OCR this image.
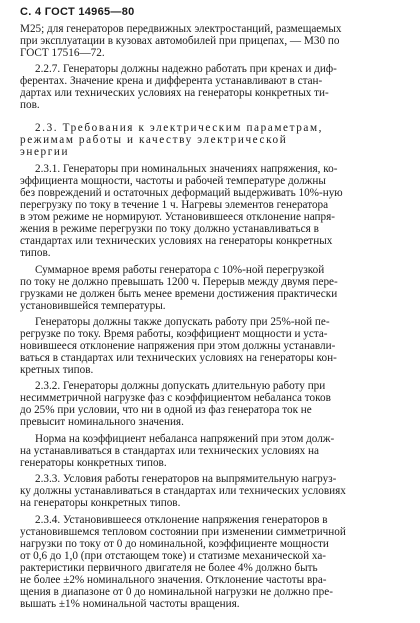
С. 4 ГОСТ 14965—80
М25; для генераторов передвижных электростанций, размещаемых
при эксплуатации в кузовах автомобилей при прицепах, — М30 по
ГОСТ 17516—72.
2.2.7. Генераторы должны надежно работать при кренах и диф-
ферентах. Значение крена и дифферента устанавливают в стан-
дартах или технических условиях на генераторы конкретных ти-
пов.
2.3. Требования к электрическим параметрам,
режимам работы и качеству электрической
энергии
2.3.1. Генераторы при номинальных значениях напряжения, ко-
эффициента мощности, частоты и рабочей температуре должны
без повреждений и остаточных деформаций выдерживать 10%-ную
перегрузку по току в течение 1 ч. Нагревы элементов генератора
в этом режиме не нормируют. Установившееся отклонение напря-
жения в режиме перегрузки по току должно устанавливаться в
стандартах или технических условиях на генераторы конкретных
типов.
Суммарное время работы генератора с 10%-ной перегрузкой
по току не должно превышать 1200 ч. Перерыв между двумя пере-
грузками не должен быть менее времени достижения практически
установившейся температуры.
Генераторы должны также допускать работу при 25%-ной пе-
регрузке по току. Время работы, коэффициент мощности и уста-
новившееся отклонение напряжения при этом должны устанавли-
ваться в стандартах или технических условиях на генераторы кон-
кретных типов.
2.3.2. Генераторы должны допускать длительную работу при
несимметричной нагрузке фаз с коэффициентом небаланса токов
до 25% при условии, что ни в одной из фаз генератора ток не
превысит номинального значения.
Норма на коэффициент небаланса напряжений при этом долж-
на устанавливаться в стандартах или технических условиях на
генераторы конкретных типов.
2.3.3. Условия работы генераторов на выпрямительную нагруз-
ку должны устанавливаться в стандартах или технических условиях
на генераторы конкретных типов.
2.3.4. Установившееся отклонение напряжения генераторов в
установившемся тепловом состоянии при изменении симметричной
нагрузки по току от 0 до номинальной, коэффициенте мощности
от 0,6 до 1,0 (при отстающем токе) и статизме механической ха-
рактеристики первичного двигателя не более 4% должно быть
не более ±2% номинального значения. Отклонение частоты вра-
щения в диапазоне от 0 до номинальной нагрузки не должно пре-
вышать ±1% номинальной частоты вращения.
